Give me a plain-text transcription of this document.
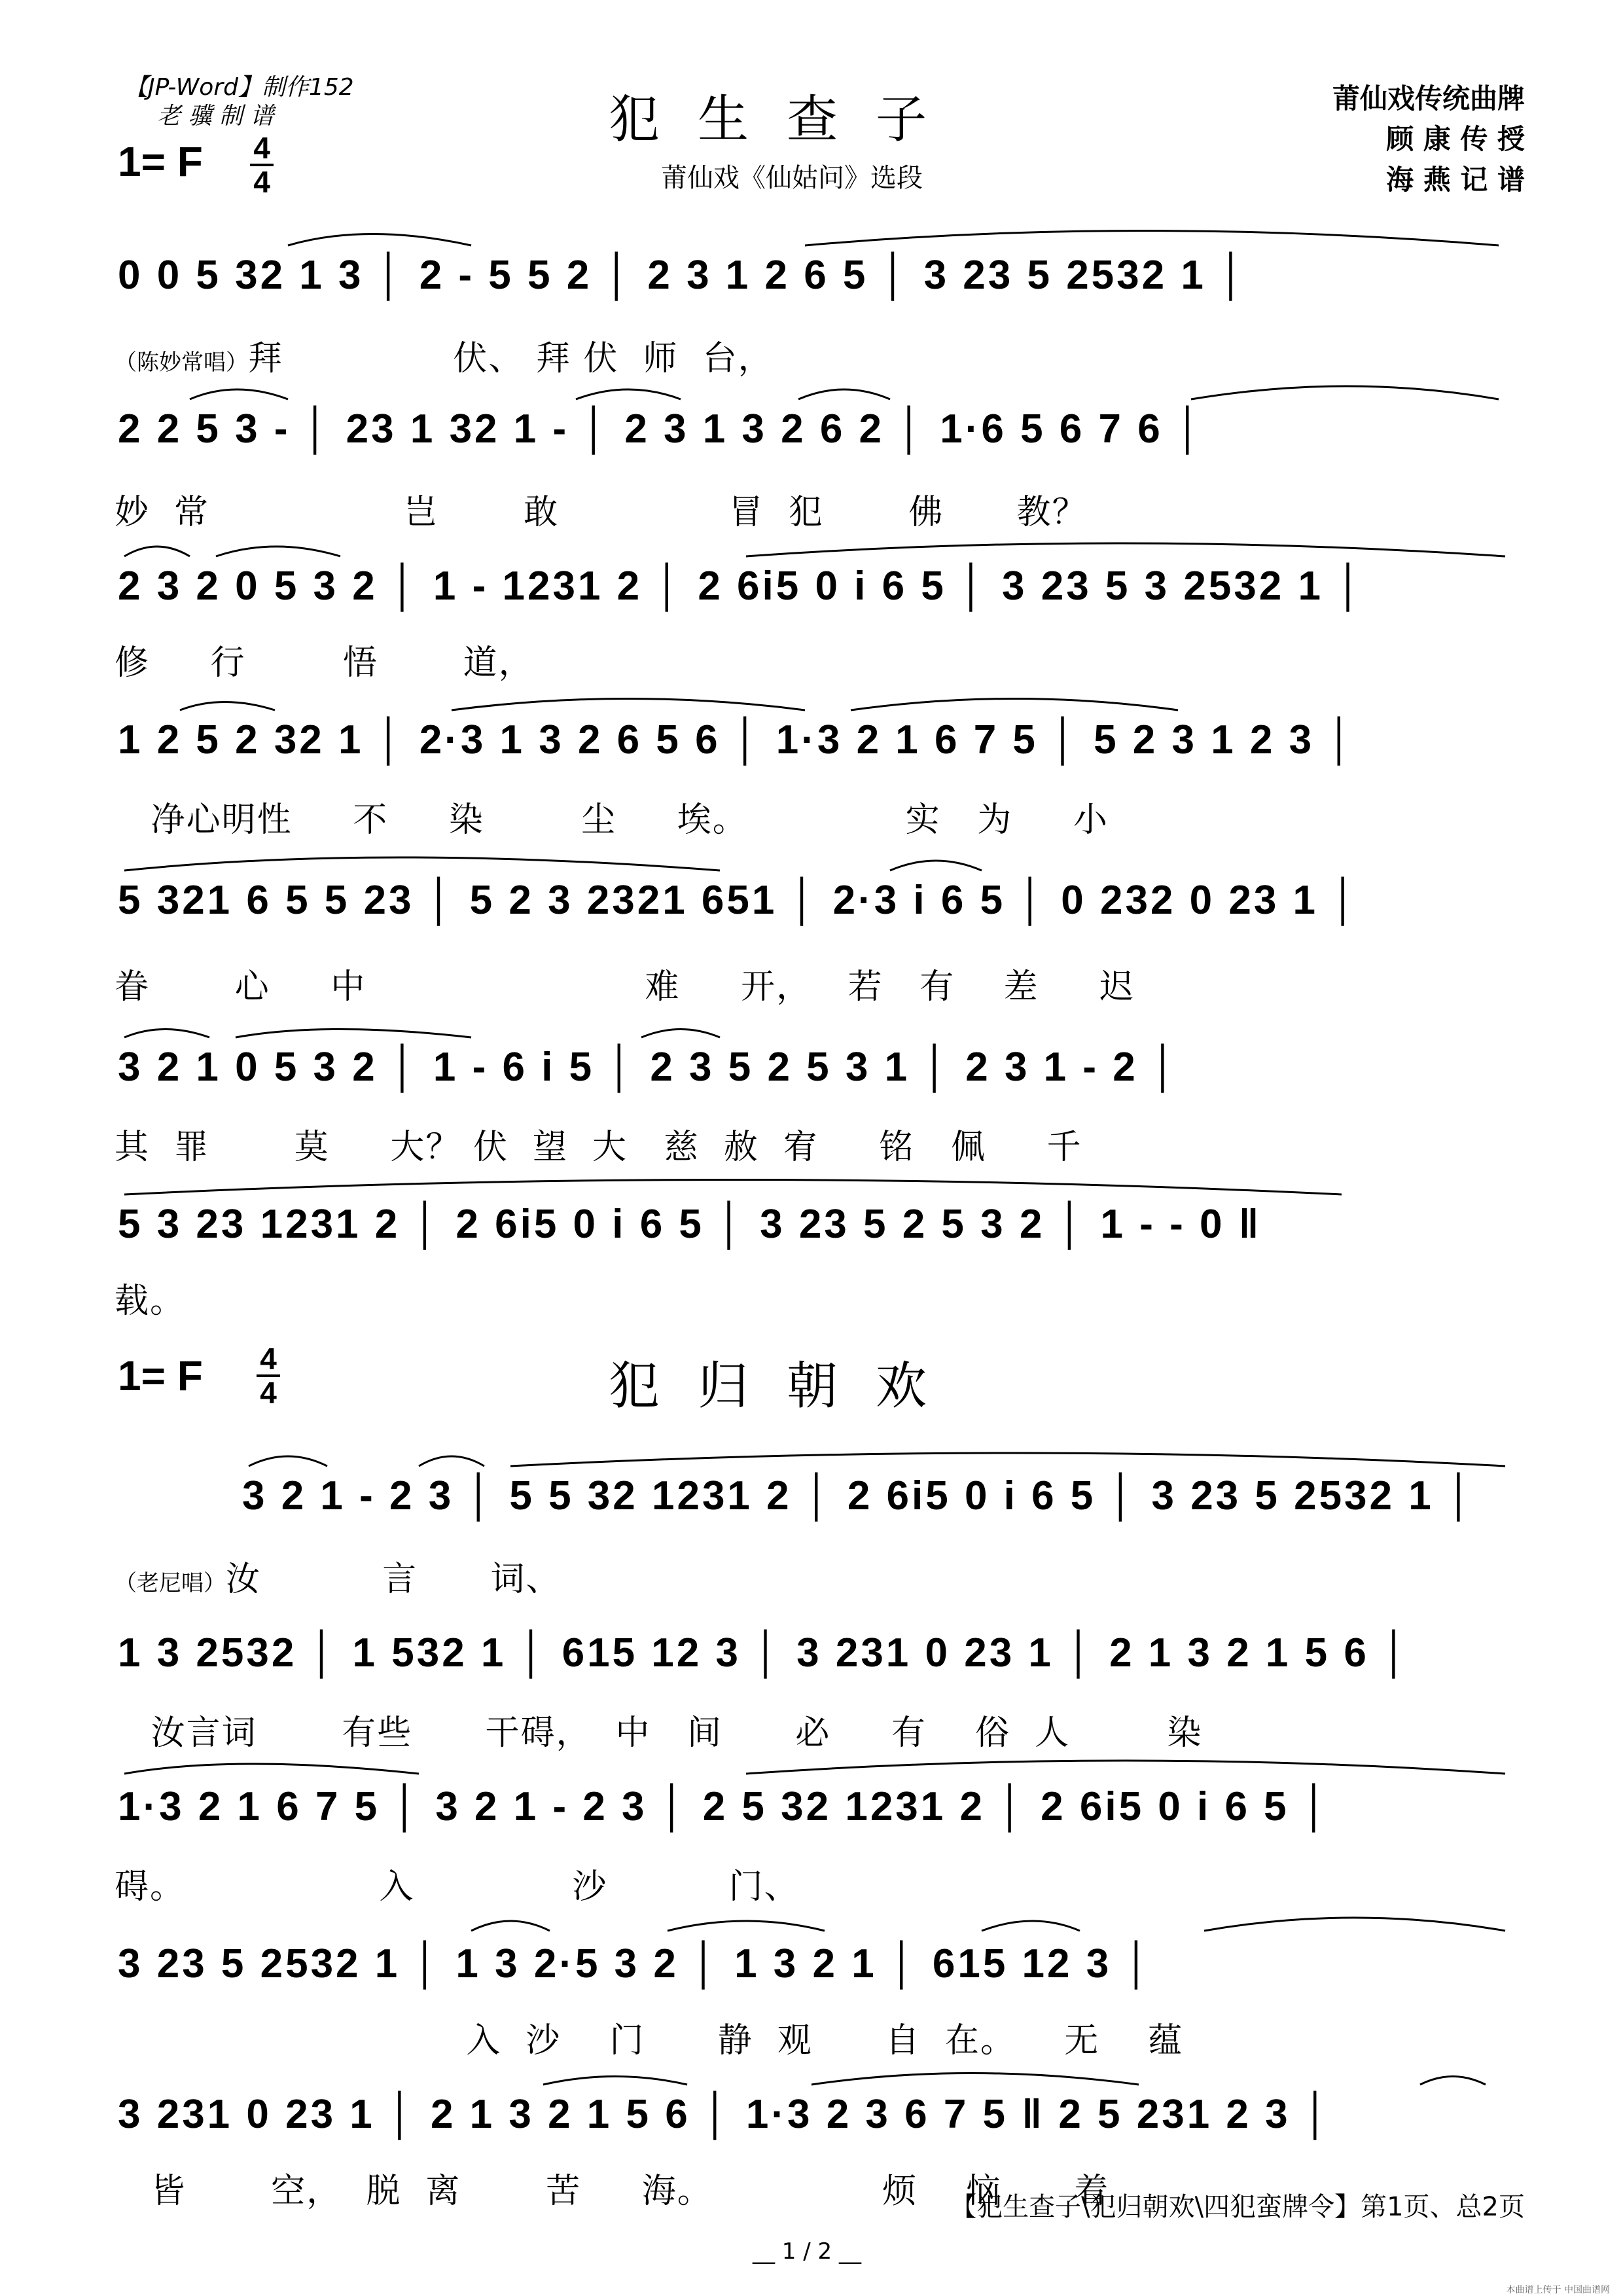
【JP-Word】制作152
老 骥 制 谱	犯生查子
莆仙戏《仙姑问》选段
莆仙戏传统曲牌
顾 康 传 授
海 燕 记 谱
1= F 4
4
0 0 5 32 1 3 │ 2 - 5 5 2 │ 2 3 1 2 6 5 │ 3 23 5 2532 1 │
（陈妙常唱）拜              伏、 拜 伏  师  台，
2 2 5 3 - │ 23 1 32 1 - │ 2 3 1 3 2 6 2 │ 1·6 5 6 7 6 │
妙  常                岂       敢              冒  犯       佛      教？
2 3 2 0 5 3 2 │ 1 - 1231 2 │ 2 6i5 0 i 6 5 │ 3 23 5 3 2532 1 │
修     行        悟       道，
1 2 5 2 32 1 │ 2·3 1 3 2 6 5 6 │ 1·3 2 1 6 7 5 │ 5 2 3 1 2 3 │
净心明性     不     染        尘     埃。             实   为     小
5 321 6 5 5 23 │ 5 2 3 2321 651 │ 2·3 i 6 5 │ 0 232 0 23 1 │
眷       心     中                       难     开，   若   有    差     迟
3 2 1 0 5 3 2 │ 1 - 6 i 5 │ 2 3 5 2 5 3 1 │ 2 3 1 - 2 │
其  罪       莫     大？ 伏  望  大   慈  赦  宥     铭   佩     千
5 3 23 1231 2 │ 2 6i5 0 i 6 5 │ 3 23 5 2 5 3 2 │ 1 - - 0 ‖
载。
1= F 4
4	犯归朝欢
3 2 1 - 2 3 │ 5 5 32 1231 2 │ 2 6i5 0 i 6 5 │ 3 23 5 2532 1 │
（老尼唱）汝          言      词、
1 3 2532 │ 1 532 1 │ 615 12 3 │ 3 231 0 23 1 │ 2 1 3 2 1 5 6 │
汝言词       有些      干碍，  中   间      必     有    俗  人        染
1·3 2 1 6 7 5 │ 3 2 1 - 2 3 │ 2 5 32 1231 2 │ 2 6i5 0 i 6 5 │
碍。                入             沙          门、
3 23 5 2532 1 │ 1 3 2·5 3 2 │ 1 3 2 1 │ 615 12 3 │
入  沙    门      静  观      自  在。    无    蕴
3 231 0 23 1 │ 2 1 3 2 1 5 6 │ 1·3 2 3 6 7 5 ‖ 2 5 231 2 3 │
皆       空，  脱  离       苦     海。              烦    恼      着
【犯生查子\犯归朝欢\四犯蛮牌令】第1页、总2页
__ 1 / 2 __
本曲谱上传于 中国曲谱网
